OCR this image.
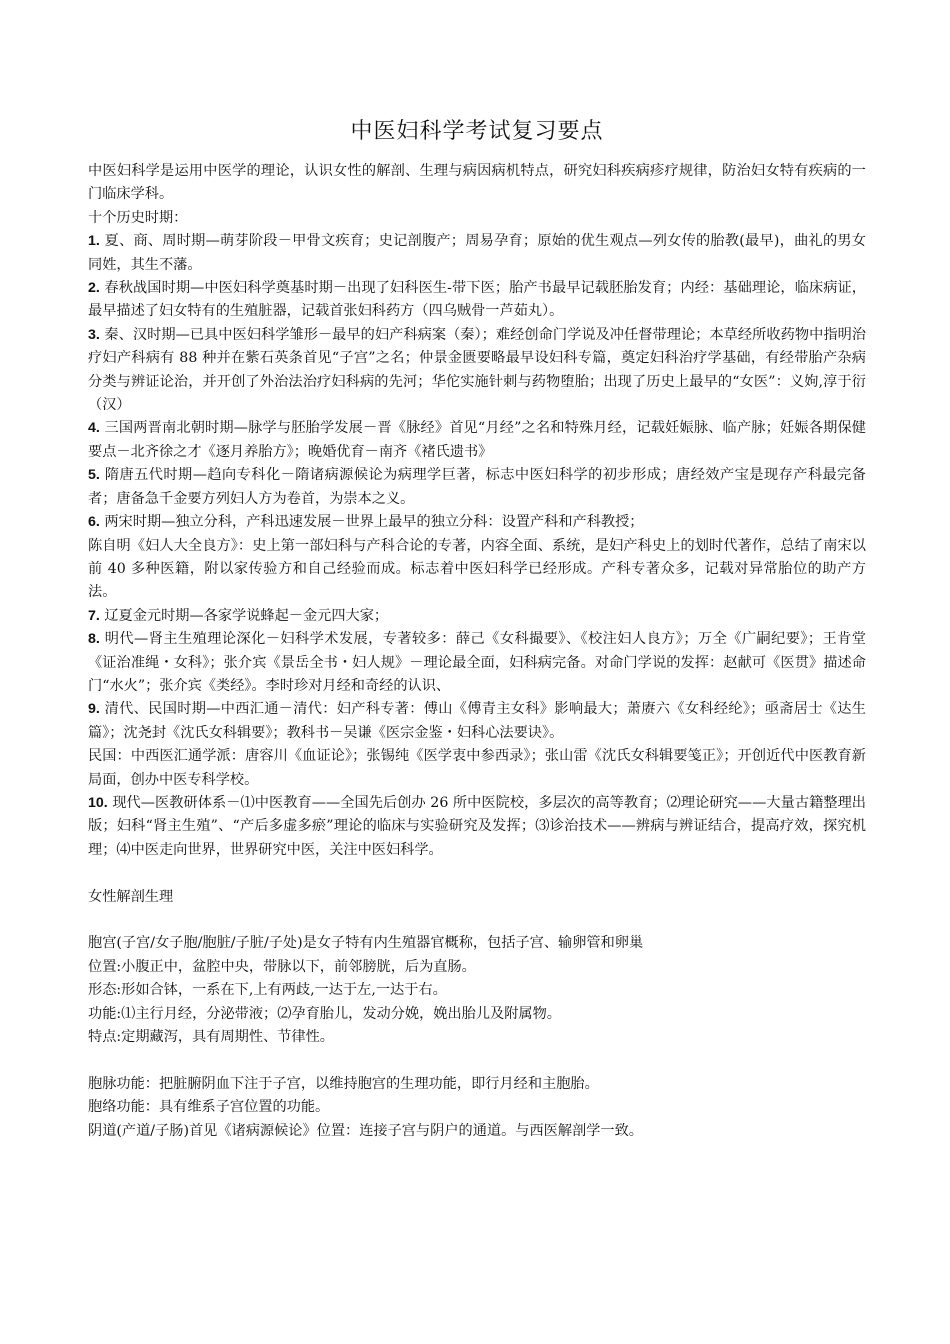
中医妇科学考试复习要点

中医妇科学是运用中医学的理论，认识女性的解剖、生理与病因病机特点，研究妇科疾病疹疗规律，防治妇女特有疾病的一门临床学科。

十个历史时期：

1. 夏、商、周时期—萌芽阶段－甲骨文疾育；史记剖腹产；周易孕育；原始的优生观点—列女传的胎教(最早)，曲礼的男女同姓，其生不藩。

2. 春秋战国时期—中医妇科学奠基时期－出现了妇科医生-带下医；胎产书最早记载胚胎发育；内经：基础理论，临床病证，最早描述了妇女特有的生殖脏器，记载首张妇科药方（四乌贼骨一芦茹丸）。

3. 秦、汉时期—已具中医妇科学雏形－最早的妇产科病案（秦）；难经创命门学说及冲任督带理论；本草经所收药物中指明治疗妇产科病有 88 种并在紫石英条首见“子宫”之名；仲景金匮要略最早设妇科专篇，奠定妇科治疗学基础，有经带胎产杂病分类与辨证论治，并开创了外治法治疗妇科病的先河；华佗实施针刺与药物堕胎；出现了历史上最早的“女医”：义姁,淳于衍（汉）

4. 三国两晋南北朝时期—脉学与胚胎学发展－晋《脉经》首见“月经”之名和特殊月经，记载妊娠脉、临产脉；妊娠各期保健要点－北齐徐之才《逐月养胎方》；晚婚优育－南齐《褚氏遗书》

5. 隋唐五代时期—趋向专科化－隋诸病源候论为病理学巨著，标志中医妇科学的初步形成；唐经效产宝是现存产科最完备者；唐备急千金要方列妇人方为卷首，为崇本之义。

6. 两宋时期—独立分科，产科迅速发展－世界上最早的独立分科：设置产科和产科教授；

陈自明《妇人大全良方》：史上第一部妇科与产科合论的专著，内容全面、系统，是妇产科史上的划时代著作，总结了南宋以前 40 多种医籍，附以家传验方和自己经验而成。标志着中医妇科学已经形成。产科专著众多，记载对异常胎位的助产方法。

7. 辽夏金元时期—各家学说蜂起－金元四大家；

8. 明代—肾主生殖理论深化－妇科学术发展，专著较多：薛己《女科撮要》、《校注妇人良方》；万全《广嗣纪要》；王肯堂《证治准绳・女科》；张介宾《景岳全书・妇人规》－理论最全面，妇科病完备。对命门学说的发挥：赵献可《医贯》描述命门“水火”；张介宾《类经》。李时珍对月经和奇经的认识、

9. 清代、民国时期—中西汇通－清代：妇产科专著：傅山《傅青主女科》影响最大；萧赓六《女科经纶》；亟斋居士《达生篇》；沈尧封《沈氏女科辑要》；教科书－吴谦《医宗金鉴・妇科心法要诀》。

民国：中西医汇通学派：唐容川《血证论》；张锡纯《医学衷中参西录》；张山雷《沈氏女科辑要笺正》；开创近代中医教育新局面，创办中医专科学校。

10. 现代—医教研体系－⑴中医教育——全国先后创办 26 所中医院校，多层次的高等教育；⑵理论研究——大量古籍整理出版；妇科“肾主生殖”、“产后多虚多瘀”理论的临床与实验研究及发挥；⑶诊治技术——辨病与辨证结合，提高疗效，探究机理；⑷中医走向世界，世界研究中医，关注中医妇科学。

女性解剖生理

胞宫(子宫/女子胞/胞脏/子脏/子处)是女子特有内生殖器官概称，包括子宫、输卵管和卵巢

位置:小腹正中，盆腔中央，带脉以下，前邻膀胱，后为直肠。

形态:形如合钵，一系在下,上有两歧,一达于左,一达于右。

功能:⑴主行月经，分泌带液；⑵孕育胎儿，发动分娩，娩出胎儿及附属物。

特点:定期藏泻，具有周期性、节律性。

胞脉功能：把脏腑阴血下注于子宫，以维持胞宫的生理功能，即行月经和主胞胎。

胞络功能：具有维系子宫位置的功能。

阴道(产道/子肠)首见《诸病源候论》位置：连接子宫与阴户的通道。与西医解剖学一致。
